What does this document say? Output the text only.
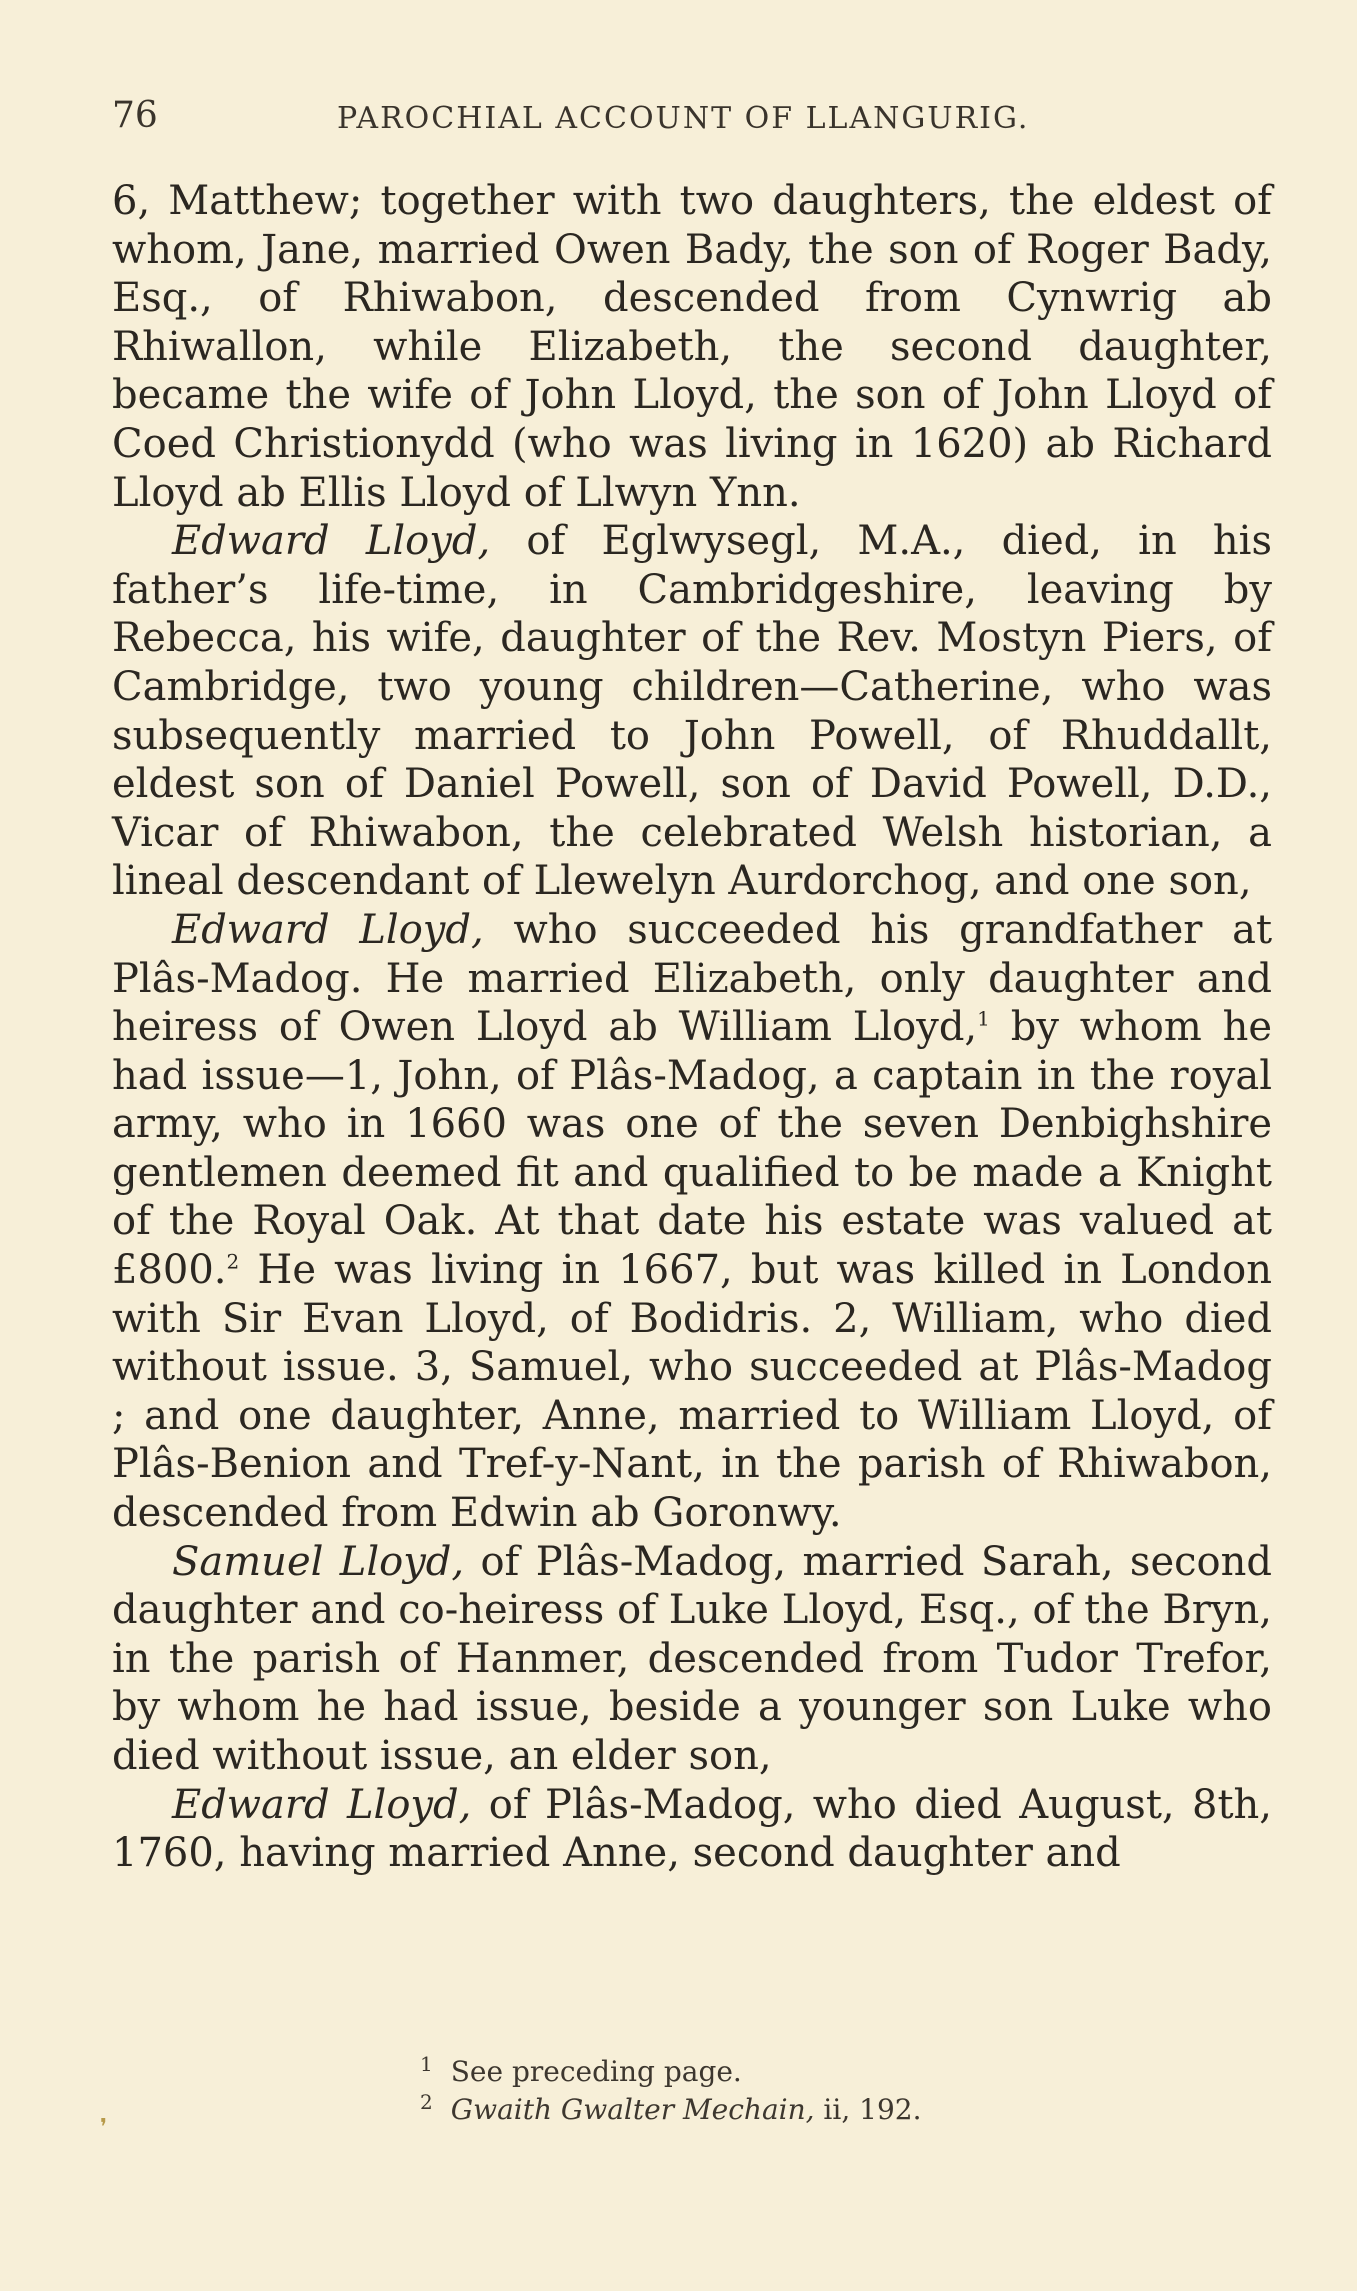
76	PAROCHIAL ACCOUNT OF LLANGURIG.

6, Matthew; together with two daughters, the eldest of whom, Jane, married Owen Bady, the son of Roger Bady, Esq., of Rhiwabon, descended from Cynwrig ab Rhiwallon, while Elizabeth, the second daughter, became the wife of John Lloyd, the son of John Lloyd of Coed Christionydd (who was living in 1620) ab Richard Lloyd ab Ellis Lloyd of Llwyn Ynn.

Edward Lloyd, of Eglwysegl, M.A., died, in his father’s life-time, in Cambridgeshire, leaving by Rebecca, his wife, daughter of the Rev. Mostyn Piers, of Cambridge, two young children—Catherine, who was subsequently married to John Powell, of Rhuddallt, eldest son of Daniel Powell, son of David Powell, D.D., Vicar of Rhiwabon, the celebrated Welsh historian, a lineal descendant of Llewelyn Aurdorchog, and one son,

Edward Lloyd, who succeeded his grandfather at Plâs-Madog. He married Elizabeth, only daughter and heiress of Owen Lloyd ab William Lloyd,$^1$ by whom he had issue—1, John, of Plâs-Madog, a captain in the royal army, who in 1660 was one of the seven Denbighshire gentlemen deemed fit and qualified to be made a Knight of the Royal Oak. At that date his estate was valued at £800.$^2$ He was living in 1667, but was killed in London with Sir Evan Lloyd, of Bodidris. 2, William, who died without issue. 3, Samuel, who succeeded at Plâs-Madog ; and one daughter, Anne, married to William Lloyd, of Plâs-Benion and Tref-y-Nant, in the parish of Rhiwabon, descended from Edwin ab Goronwy.

Samuel Lloyd, of Plâs-Madog, married Sarah, second daughter and co-heiress of Luke Lloyd, Esq., of the Bryn, in the parish of Hanmer, descended from Tudor Trefor, by whom he had issue, beside a younger son Luke who died without issue, an elder son,

Edward Lloyd, of Plâs-Madog, who died August, 8th, 1760, having married Anne, second daughter and

$^1$ See preceding page.
$^2$ Gwaith Gwalter Mechain, ii, 192.
❜
